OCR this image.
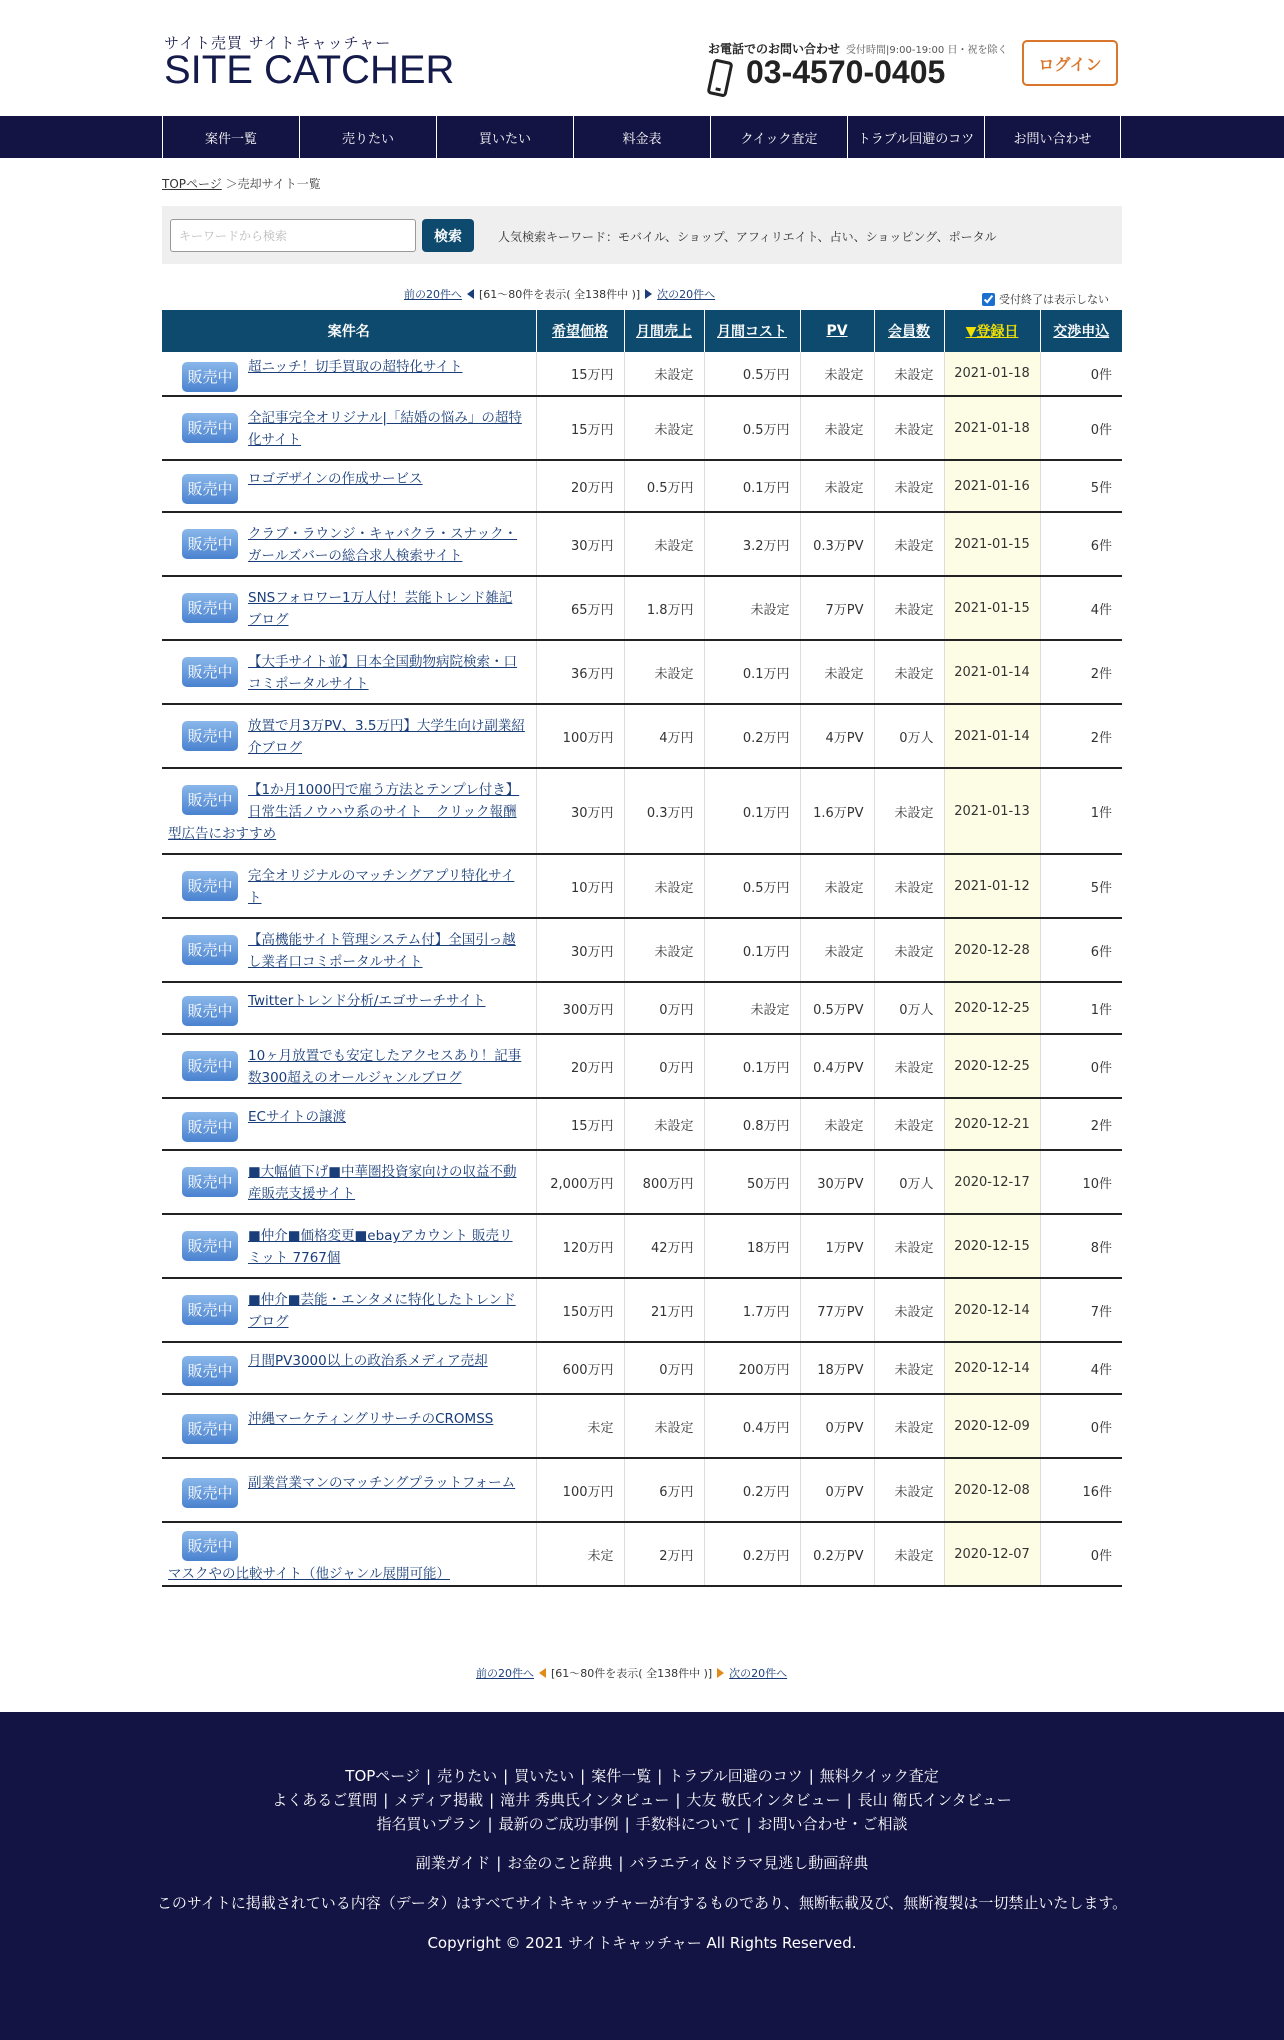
サイト売買 サイトキャッチャー
SITE CATCHER	お電話でのお問い合わせ 受付時間|9:00-19:00 日・祝を除く
03-4570-0405	ログイン
案件一覧	売りたい	買いたい	料金表	クイック査定	トラブル回避のコツ	お問い合わせ
TOPページ ＞売却サイト一覧
キーワードから検索
検索	人気検索キーワード：モバイル、ショップ、アフィリエイト、占い、ショッピング、ポータル
前の20件へ [61～80件を表示( 全138件中 )] 次の20件へ	受付終了は表示しない
案件名	希望価格	月間売上	月間コスト	PV	会員数	▼登録日	交渉申込

販売中
超ニッチ！切手買取の超特化サイト	15万円	未設定	0.5万円	未設定	未設定	2021-01-18	0件

販売中
全記事完全オリジナル|「結婚の悩み」の超特化サイト	15万円	未設定	0.5万円	未設定	未設定	2021-01-18	0件

販売中
ロゴデザインの作成サービス	20万円	0.5万円	0.1万円	未設定	未設定	2021-01-16	5件

販売中
クラブ・ラウンジ・キャバクラ・スナック・ガールズバーの総合求人検索サイト	30万円	未設定	3.2万円	0.3万PV	未設定	2021-01-15	6件

販売中
SNSフォロワー1万人付！芸能トレンド雑記ブログ	65万円	1.8万円	未設定	7万PV	未設定	2021-01-15	4件

販売中
【大手サイト並】日本全国動物病院検索・口コミポータルサイト	36万円	未設定	0.1万円	未設定	未設定	2021-01-14	2件

販売中
放置で月3万PV、3.5万円】大学生向け副業紹介ブログ	100万円	4万円	0.2万円	4万PV	0万人	2021-01-14	2件

販売中
【1か月1000円で雇う方法とテンプレ付き】日常生活ノウハウ系のサイト　クリック報酬型広告におすすめ	30万円	0.3万円	0.1万円	1.6万PV	未設定	2021-01-13	1件

販売中
完全オリジナルのマッチングアプリ特化サイト	10万円	未設定	0.5万円	未設定	未設定	2021-01-12	5件

販売中
【高機能サイト管理システム付】全国引っ越し業者口コミポータルサイト	30万円	未設定	0.1万円	未設定	未設定	2020-12-28	6件

販売中
Twitterトレンド分析/エゴサーチサイト	300万円	0万円	未設定	0.5万PV	0万人	2020-12-25	1件

販売中
10ヶ月放置でも安定したアクセスあり！記事数300超えのオールジャンルブログ	20万円	0万円	0.1万円	0.4万PV	未設定	2020-12-25	0件

販売中
ECサイトの譲渡	15万円	未設定	0.8万円	未設定	未設定	2020-12-21	2件

販売中
■大幅値下げ■中華圏投資家向けの収益不動産販売支援サイト	2,000万円	800万円	50万円	30万PV	0万人	2020-12-17	10件

販売中
■仲介■価格変更■ebayアカウント 販売リミット 7767個	120万円	42万円	18万円	1万PV	未設定	2020-12-15	8件

販売中
■仲介■芸能・エンタメに特化したトレンドブログ	150万円	21万円	1.7万円	77万PV	未設定	2020-12-14	7件

販売中
月間PV3000以上の政治系メディア売却	600万円	0万円	200万円	18万PV	未設定	2020-12-14	4件

販売中
沖縄マーケティングリサーチのCROMSS	未定	未設定	0.4万円	0万PV	未設定	2020-12-09	0件

販売中
副業営業マンのマッチングプラットフォーム	100万円	6万円	0.2万円	0万PV	未設定	2020-12-08	16件

販売中
マスクやの比較サイト（他ジャンル展開可能）	未定	2万円	0.2万円	0.2万PV	未設定	2020-12-07	0件
前の20件へ [61～80件を表示( 全138件中 )] 次の20件へ
TOPページ | 売りたい | 買いたい | 案件一覧 | トラブル回避のコツ | 無料クイック査定
よくあるご質問 | メディア掲載 | 滝井 秀典氏インタビュー | 大友 敬氏インタビュー | 長山 衛氏インタビュー
指名買いプラン | 最新のご成功事例 | 手数料について | お問い合わせ・ご相談
副業ガイド | お金のこと辞典 | バラエティ＆ドラマ見逃し動画辞典
このサイトに掲載されている内容（データ）はすべてサイトキャッチャーが有するものであり、無断転載及び、無断複製は一切禁止いたします。
Copyright © 2021 サイトキャッチャー All Rights Reserved.
